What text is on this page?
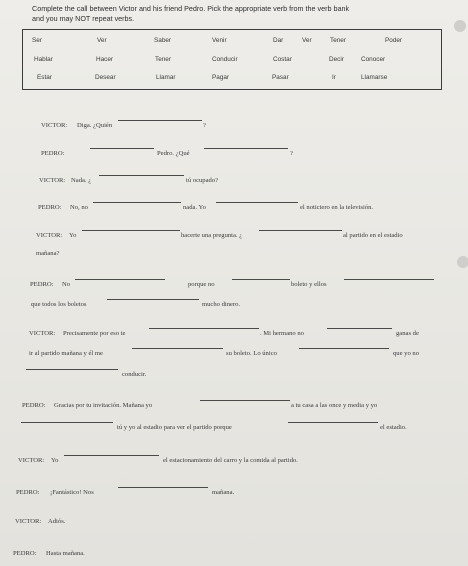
Complete the call between Victor and his friend Pedro. Pick the appropriate verb from the verb bank
and you may NOT repeat verbs.
Ser	Ver	Saber	Venir	Dar	Ver	Tener	Poder
Hablar	Hacer	Tener	Conducir	Costar	Decir	Conocer
Estar	Desear	Llamar	Pagar	Pasar	Ir	Llamarse
VICTOR: Diga. ¿Quién	?
PEDRO:	Pedro. ¿Qué	?
VICTOR: Nada. ¿	tú ocupado?
PEDRO: No, no	nada. Yo	el noticiero en la televisión.
VICTOR: Yo	hacerte una pregunta. ¿	al partido en el estadio
mañana?
PEDRO: No	porque no	boleto y ellos
que todos los boletos	mucho dinero.
VICTOR: Precisamente por eso te	. Mi hermano no	ganas de
ir al partido mañana y él me	su boleto. Lo único	que yo no
conducir.
PEDRO: Gracias por tu invitación. Mañana yo	a tu casa a las once y media y yo
tú y yo al estadio para ver el partido porque	el estadio.
VICTOR: Yo	el estacionamiento del carro y la comida al partido.
PEDRO: ¡Fantástico! Nos	mañana.
VICTOR: Adiós.
PEDRO: Hasta mañana.
